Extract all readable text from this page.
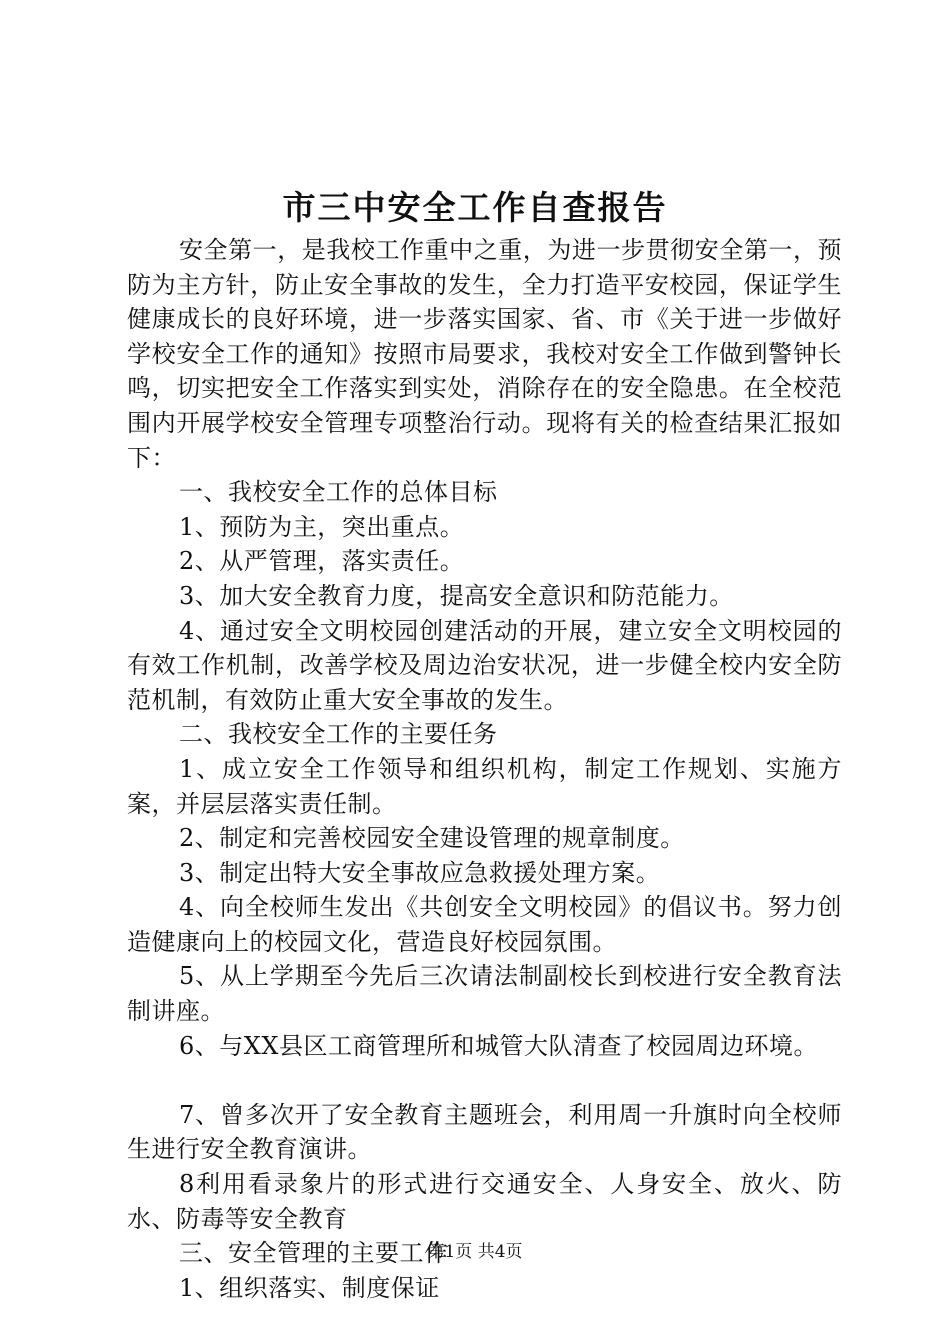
市三中安全工作自查报告

安全第一，是我校工作重中之重，为进一步贯彻安全第一，预防为主方针，防止安全事故的发生，全力打造平安校园，保证学生健康成长的良好环境，进一步落实国家、省、市《关于进一步做好学校安全工作的通知》按照市局要求，我校对安全工作做到警钟长鸣，切实把安全工作落实到实处，消除存在的安全隐患。在全校范围内开展学校安全管理专项整治行动。现将有关的检查结果汇报如下：

一、我校安全工作的总体目标

1、预防为主，突出重点。

2、从严管理，落实责任。

3、加大安全教育力度，提高安全意识和防范能力。

4、通过安全文明校园创建活动的开展，建立安全文明校园的有效工作机制，改善学校及周边治安状况，进一步健全校内安全防范机制，有效防止重大安全事故的发生。

二、我校安全工作的主要任务

1、成立安全工作领导和组织机构，制定工作规划、实施方案，并层层落实责任制。

2、制定和完善校园安全建设管理的规章制度。

3、制定出特大安全事故应急救援处理方案。

4、向全校师生发出《共创安全文明校园》的倡议书。努力创造健康向上的校园文化，营造良好校园氛围。

5、从上学期至今先后三次请法制副校长到校进行安全教育法制讲座。

6、与XX县区工商管理所和城管大队清查了校园周边环境。

7、曾多次开了安全教育主题班会，利用周一升旗时向全校师生进行安全教育演讲。

8利用看录象片的形式进行交通安全、人身安全、放火、防水、防毒等安全教育

三、安全管理的主要工作

1、组织落实、制度保证

第1页 共4页
